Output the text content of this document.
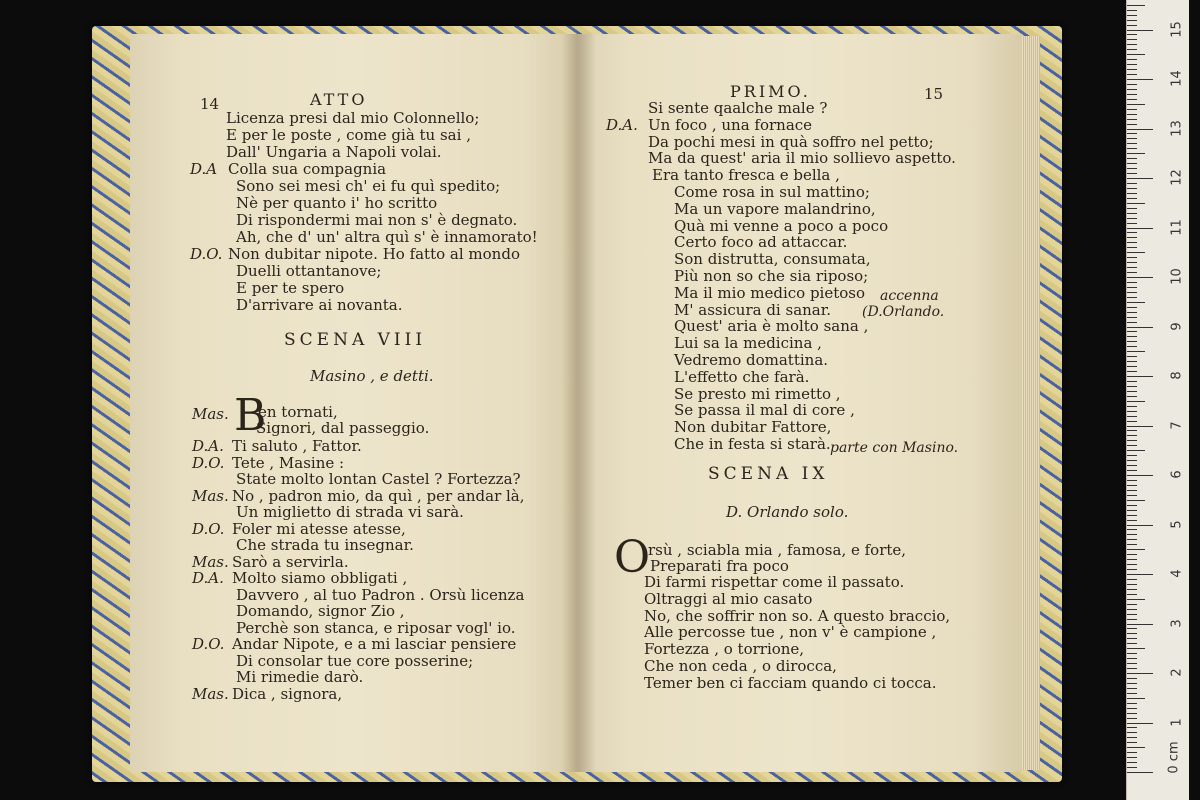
14	ATTO
Licenza presi dal mio Colonnello;
E per le poste , come già tu sai ,
Dall' Ungaria a Napoli volai.
D.A Colla sua compagnia
Sono sei mesi ch' ei fu quì spedito;
Nè per quanto i' ho scritto
Di rispondermi mai non s' è degnato.
Ah, che d' un' altra quì s' è innamorato!
D.O. Non dubitar nipote. Ho fatto al mondo
Duelli ottantanove;
E per te spero
D'arrivare ai novanta.
SCENA VIII
Masino , e detti.
Mas. B
en tornati,
Signori, dal passeggio.
D.A. Ti saluto , Fattor.
D.O. Tete , Masine :
State molto lontan Castel ? Fortezza?
Mas. No , padron mio, da quì , per andar là,
Un miglietto di strada vi sarà.
D.O. Foler mi atesse atesse,
Che strada tu insegnar.
Mas. Sarò a servirla.
D.A. Molto siamo obbligati ,
Davvero , al tuo Padron . Orsù licenza
Domando, signor Zio ,
Perchè son stanca, e riposar vogl' io.
D.O. Andar Nipote, e a mi lasciar pensiere
Di consolar tue core posserine;
Mi rimedie darò.
Mas. Dica , signora,
PRIMO.	15
Si sente qaalche male ?
D.A. Un foco , una fornace
Da pochi mesi in quà soffro nel petto;
Ma da quest' aria il mio sollievo aspetto.
Era tanto fresca e bella ,
Come rosa in sul mattino;
Ma un vapore malandrino,
Quà mi venne a poco a poco
Certo foco ad attaccar.
Son distrutta, consumata,
Più non so che sia riposo;
Ma il mio medico pietoso
M' assicura di sanar.
Quest' aria è molto sana ,
Lui sa la medicina ,
Vedremo domattina.
L'effetto che farà.
Se presto mi rimetto ,
Se passa il mal di core ,
Non dubitar Fattore,
Che in festa si starà.
accenna
(D.Orlando.
parte con Masino.
SCENA IX
D. Orlando solo.
O
rsù , sciabla mia , famosa, e forte,
Preparati fra poco
Di farmi rispettar come il passato.
Oltraggi al mio casato
No, che soffrir non so. A questo braccio,
Alle percosse tue , non v' è campione ,
Fortezza , o torrione,
Che non ceda , o dirocca,
Temer ben ci facciam quando ci tocca.
0 cm
1
2
3
4
5
6
7
8
9
10
11
12
13
14
15
